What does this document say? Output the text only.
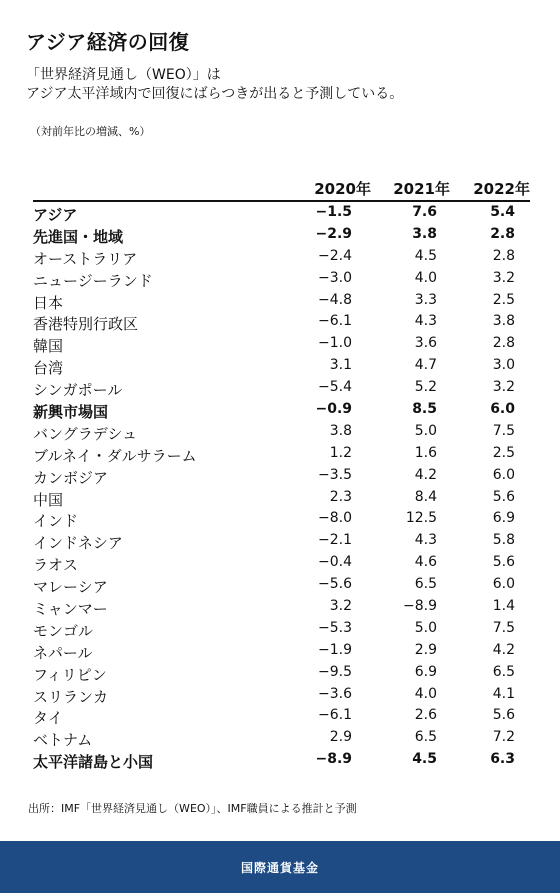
アジア経済の回復
「世界経済見通し（WEO）」は
アジア太平洋域内で回復にばらつきが出ると予測している。
（対前年比の増減、%）
2020年	2021年	2022年
アジア	−1.5	7.6	5.4
先進国・地域	−2.9	3.8	2.8
オーストラリア	−2.4	4.5	2.8
ニュージーランド	−3.0	4.0	3.2
日本	−4.8	3.3	2.5
香港特別行政区	−6.1	4.3	3.8
韓国	−1.0	3.6	2.8
台湾	3.1	4.7	3.0
シンガポール	−5.4	5.2	3.2
新興市場国	−0.9	8.5	6.0
バングラデシュ	3.8	5.0	7.5
ブルネイ・ダルサラーム	1.2	1.6	2.5
カンボジア	−3.5	4.2	6.0
中国	2.3	8.4	5.6
インド	−8.0	12.5	6.9
インドネシア	−2.1	4.3	5.8
ラオス	−0.4	4.6	5.6
マレーシア	−5.6	6.5	6.0
ミャンマー	3.2	−8.9	1.4
モンゴル	−5.3	5.0	7.5
ネパール	−1.9	2.9	4.2
フィリピン	−9.5	6.9	6.5
スリランカ	−3.6	4.0	4.1
タイ	−6.1	2.6	5.6
ベトナム	2.9	6.5	7.2
太平洋諸島と小国	−8.9	4.5	6.3
出所：IMF「世界経済見通し（WEO）」、IMF職員による推計と予測
国際通貨基金
